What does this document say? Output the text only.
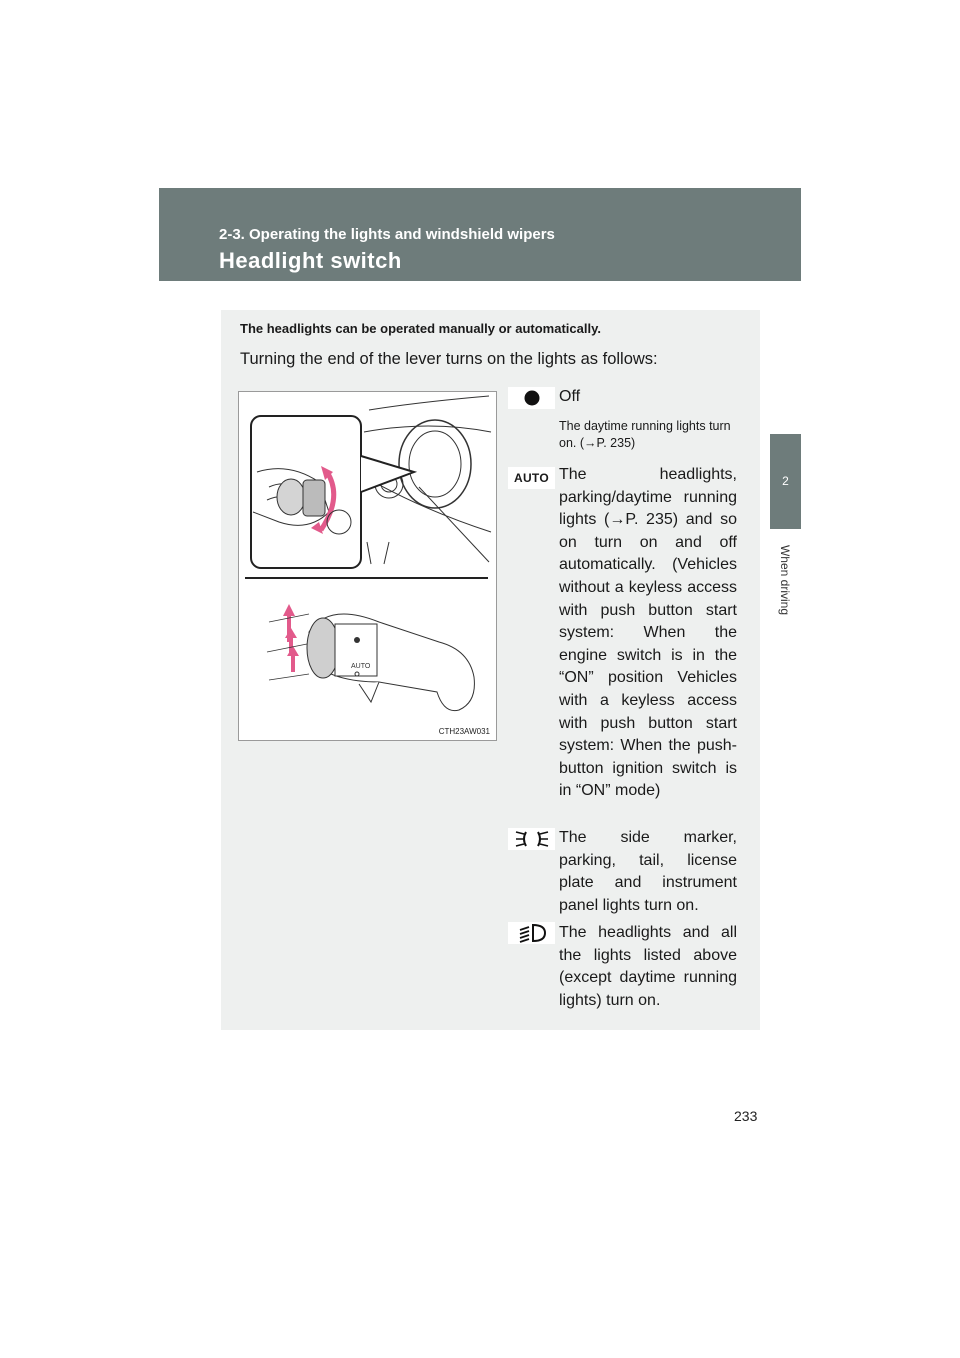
2-3. Operating the lights and windshield wipers
Headlight switch
2
When driving
The headlights can be operated manually or automatically.
Turning the end of the lever turns on the lights as follows:
AUTO
CTH23AW031
Off
The daytime running lights turn on. (→P. 235)
AUTO The headlights, parking/daytime running lights (→P. 235) and so on turn on and off automatically. (Vehicles without a keyless access with push button start system: When the engine switch is in the “ON” position Vehicles with a keyless access with push button start system: When the push-button ignition switch is in “ON” mode)
The side marker, parking, tail, license plate and instrument panel lights turn on.
The headlights and all the lights listed above (except daytime running lights) turn on.
233
